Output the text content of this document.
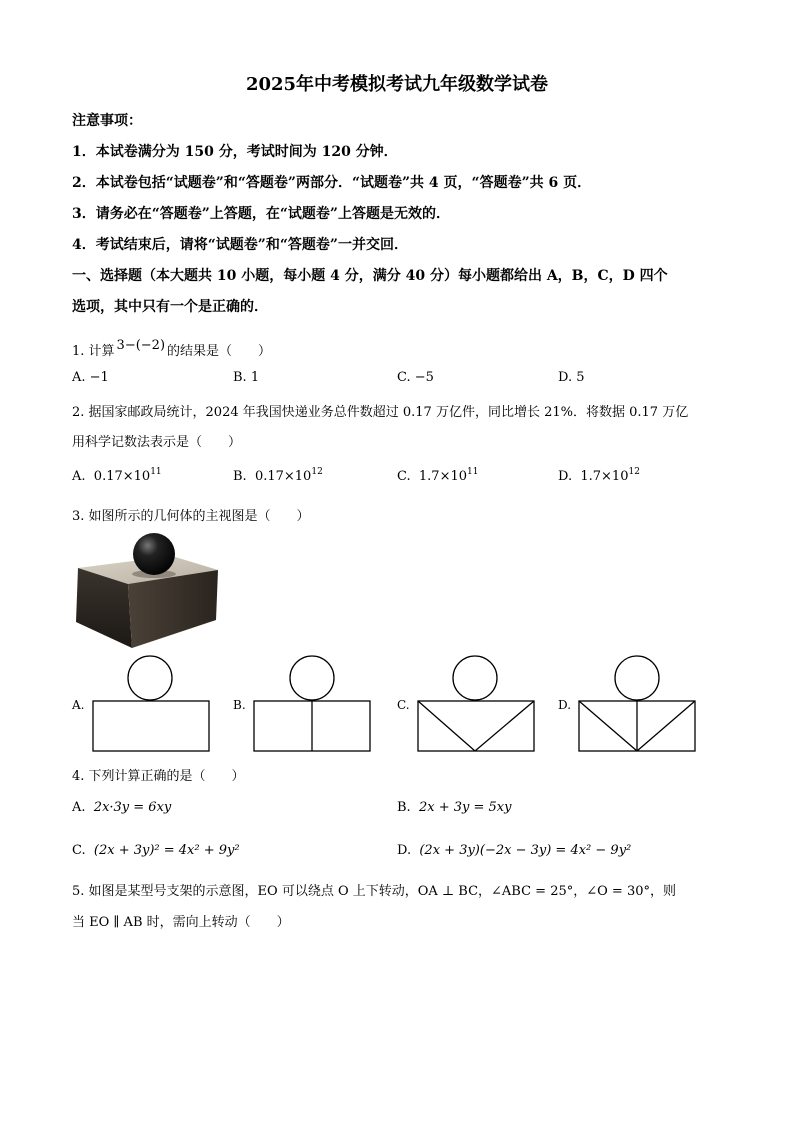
2025年中考模拟考试九年级数学试卷
注意事项：
1．本试卷满分为 150 分，考试时间为 120 分钟．
2．本试卷包括“试题卷”和“答题卷”两部分．“试题卷”共 4 页，“答题卷”共 6 页．
3．请务必在“答题卷”上答题，在“试题卷”上答题是无效的．
4．考试结束后，请将“试题卷”和“答题卷”一并交回．
一、选择题（本大题共 10 小题，每小题 4 分，满分 40 分）每小题都给出 A，B，C，D 四个
选项，其中只有一个是正确的．
1. 计算 3−(−2) 的结果是（　　）
A. −1	B. 1	C. −5	D. 5
2. 据国家邮政局统计，2024 年我国快递业务总件数超过 0.17 万亿件，同比增长 21%．将数据 0.17 万亿
用科学记数法表示是（　　）
A. $0.17\times 10^{11}$	B. $0.17\times 10^{12}$	C. $1.7\times 10^{11}$	D. $1.7\times 10^{12}$
3. 如图所示的几何体的主视图是（　　）
A.	B.	C.	D.
4. 下列计算正确的是（　　）
A. 2x·3y = 6xy	B. 2x + 3y = 5xy
C. (2x + 3y)² = 4x² + 9y²	D. (2x + 3y)(−2x − 3y) = 4x² − 9y²
5. 如图是某型号支架的示意图，EO 可以绕点 O 上下转动，OA ⊥ BC，∠ABC = 25°，∠O = 30°，则
当 EO ∥ AB 时，需向上转动（　　）
